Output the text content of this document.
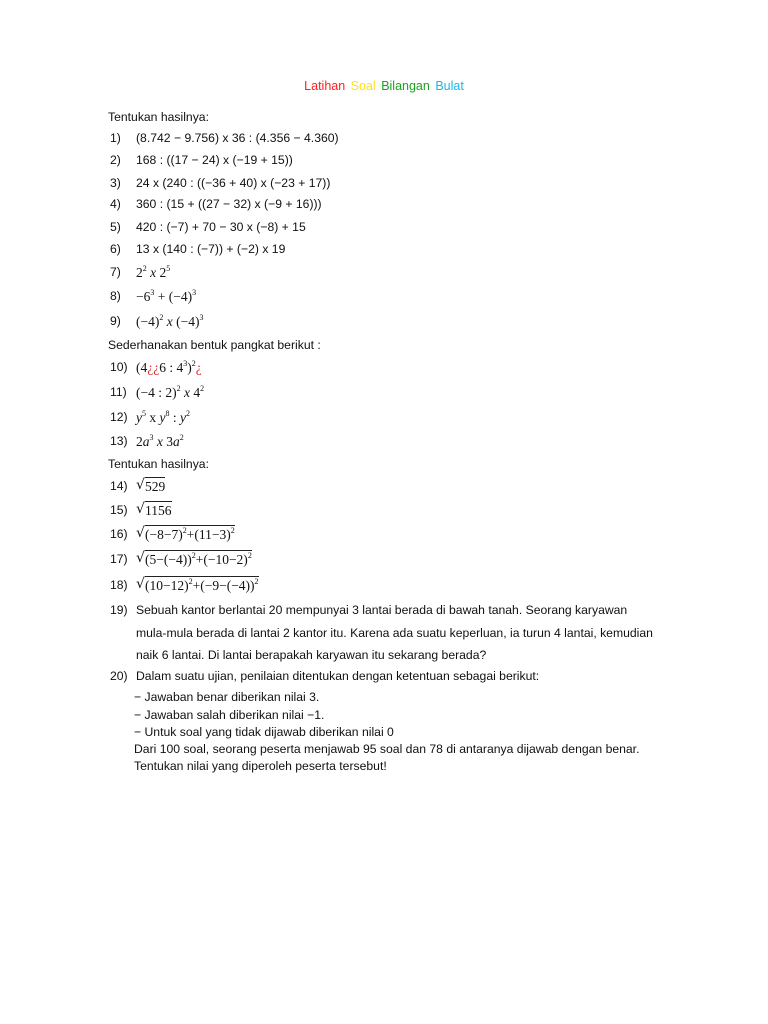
Latihan Soal Bilangan Bulat
Tentukan hasilnya:
1)	(8.742 − 9.756) x 36 : (4.356 − 4.360)
2)	168 : ((17 − 24) x (−19 + 15))
3)	24 x (240 : ((−36 + 40) x (−23 + 17))
4)	360 : (15 + ((27 − 32) x (−9 + 16)))
5)	420 : (−7) + 70 − 30 x (−8) + 15
6)	13 x (140 : (−7)) + (−2) x 19
7)	$2^2$ x $2^5$
8)	$-6^3 + (-4)^3$
9)	$(-4)^2$ x $(-4)^3$
Sederhanakan bentuk pangkat berikut :
10) (4¿¿6 : $4^3)^2¿$
11) (−4 : 2)$^2$ x $4^2$
12) $y^5$ x $y^8$ : $y^2$
13) $2a^3$ x $3a^2$
Tentukan hasilnya:
14) √ 529
15) √ 1156
16) √ $(-8-7)^2+(11-3)^2$
17) √ $(5-(-4))^2+(-10-2)^2$
18) √ $(10-12)^2+(-9-(-4))^2$
19) Sebuah kantor berlantai 20 mempunyai 3 lantai berada di bawah tanah. Seorang karyawan
mula-mula berada di lantai 2 kantor itu. Karena ada suatu keperluan, ia turun 4 lantai, kemudian
naik 6 lantai. Di lantai berapakah karyawan itu sekarang berada?
20) Dalam suatu ujian, penilaian ditentukan dengan ketentuan sebagai berikut:
− Jawaban benar diberikan nilai 3.
− Jawaban salah diberikan nilai −1.
− Untuk soal yang tidak dijawab diberikan nilai 0
Dari 100 soal, seorang peserta menjawab 95 soal dan 78 di antaranya dijawab dengan benar.
Tentukan nilai yang diperoleh peserta tersebut!
